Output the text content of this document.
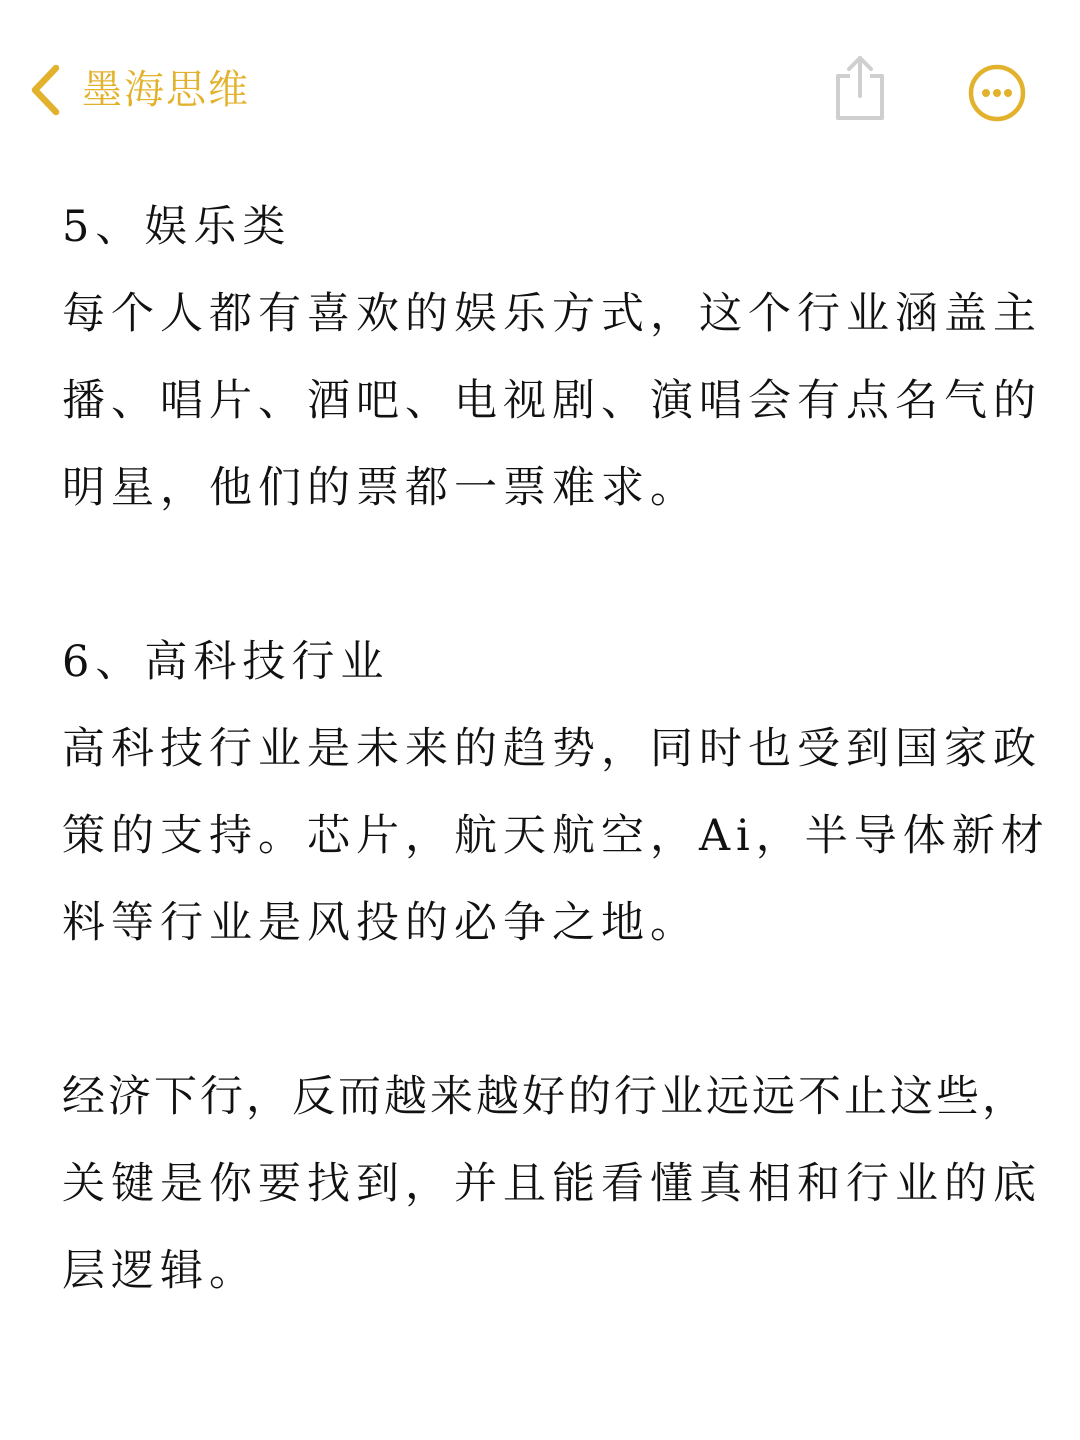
墨海思维
5、娱乐类
每个人都有喜欢的娱乐方式，这个行业涵盖主
播、唱片、酒吧、电视剧、演唱会有点名气的
明星，他们的票都一票难求。
6、高科技行业
高科技行业是未来的趋势，同时也受到国家政
策的支持。芯片，航天航空，Ai，半导体新材
料等行业是风投的必争之地。
经济下行，反而越来越好的行业远远不止这些，
关键是你要找到，并且能看懂真相和行业的底
层逻辑。
